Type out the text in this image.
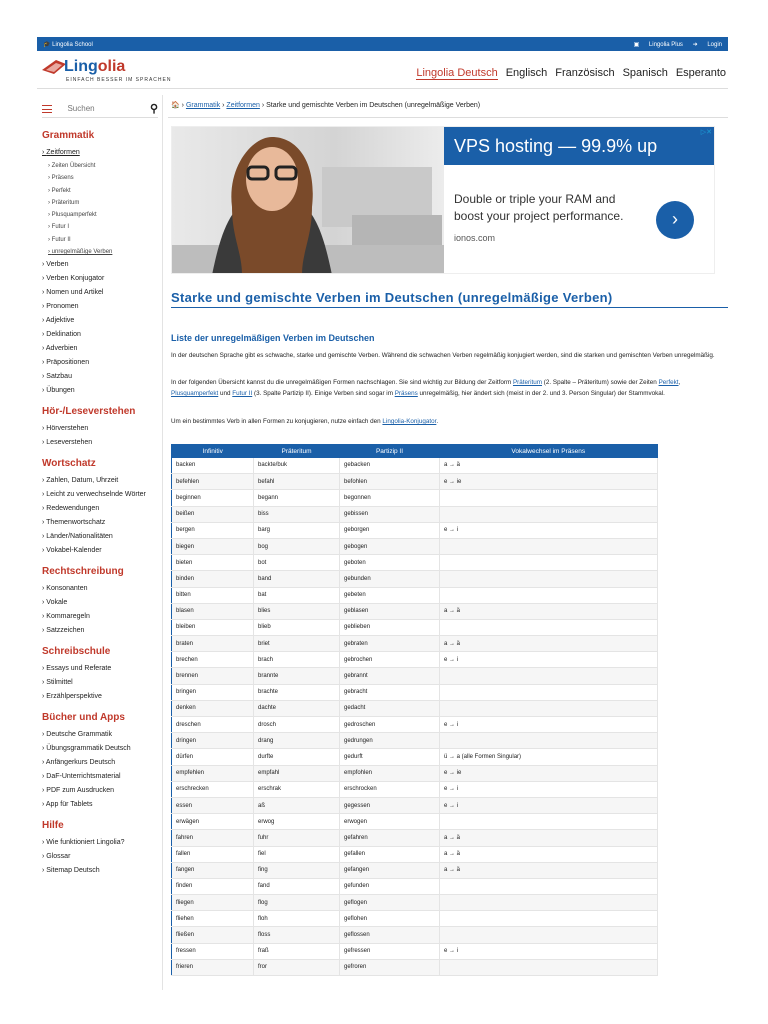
🎓 Lingolia School	▣ Lingolia Plus ➜ Login
Lingolia
EINFACH BESSER IM SPRACHEN
Lingolia Deutsch Englisch Französisch Spanisch Esperanto
Suchen
⚲
Grammatik
› Zeitformen
› Zeiten Übersicht
› Präsens
› Perfekt
› Präteritum
› Plusquamperfekt
› Futur I
› Futur II
› unregelmäßige Verben
› Verben
› Verben Konjugator
› Nomen und Artikel
› Pronomen
› Adjektive
› Deklination
› Adverbien
› Präpositionen
› Satzbau
› Übungen
Hör-/Leseverstehen
› Hörverstehen
› Leseverstehen
Wortschatz
› Zahlen, Datum, Uhrzeit
› Leicht zu verwechselnde Wörter
› Redewendungen
› Themenwortschatz
› Länder/Nationalitäten
› Vokabel-Kalender
Rechtschreibung
› Konsonanten
› Vokale
› Kommaregeln
› Satzzeichen
Schreibschule
› Essays und Referate
› Stilmittel
› Erzählperspektive
Bücher und Apps
› Deutsche Grammatik
› Übungsgrammatik Deutsch
› Anfängerkurs Deutsch
› DaF-Unterrichtsmaterial
› PDF zum Ausdrucken
› App für Tablets
Hilfe
› Wie funktioniert Lingolia?
› Glossar
› Sitemap Deutsch
🏠 › Grammatik › Zeitformen › Starke und gemischte Verben im Deutschen (unregelmäßige Verben)
VPS hosting — 99.9% up
Double or triple your RAM and boost your project performance.
ionos.com
›
▷✕
Starke und gemischte Verben im Deutschen (unregelmäßige Verben)
Liste der unregelmäßigen Verben im Deutschen

In der deutschen Sprache gibt es schwache, starke und gemischte Verben. Während die schwachen Verben regelmäßig konjugiert werden, sind die starken und gemischten Verben unregelmäßig.

In der folgenden Übersicht kannst du die unregelmäßigen Formen nachschlagen. Sie sind wichtig zur Bildung der Zeitform Präteritum (2. Spalte – Präteritum) sowie der Zeiten Perfekt, Plusquamperfekt und Futur II (3. Spalte Partizip II). Einige Verben sind sogar im Präsens unregelmäßig, hier ändert sich (meist in der 2. und 3. Person Singular) der Stammvokal.

Um ein bestimmtes Verb in allen Formen zu konjugieren, nutze einfach den Lingolia-Konjugator.

Infinitiv	Präteritum	Partizip II	Vokalwechsel im Präsens
backen	backte/buk	gebacken	a → ä
befehlen	befahl	befohlen	e → ie
beginnen	begann	begonnen	
beißen	biss	gebissen	
bergen	barg	geborgen	e → i
biegen	bog	gebogen	
bieten	bot	geboten	
binden	band	gebunden	
bitten	bat	gebeten	
blasen	blies	geblasen	a → ä
bleiben	blieb	geblieben	
braten	briet	gebraten	a → ä
brechen	brach	gebrochen	e → i
brennen	brannte	gebrannt	
bringen	brachte	gebracht	
denken	dachte	gedacht	
dreschen	drosch	gedroschen	e → i
dringen	drang	gedrungen	
dürfen	durfte	gedurft	ü → a (alle Formen Singular)
empfehlen	empfahl	empfohlen	e → ie
erschrecken	erschrak	erschrocken	e → i
essen	aß	gegessen	e → i
erwägen	erwog	erwogen	
fahren	fuhr	gefahren	a → ä
fallen	fiel	gefallen	a → ä
fangen	fing	gefangen	a → ä
finden	fand	gefunden	
fliegen	flog	geflogen	
fliehen	floh	geflohen	
fließen	floss	geflossen	
fressen	fraß	gefressen	e → i
frieren	fror	gefroren	
